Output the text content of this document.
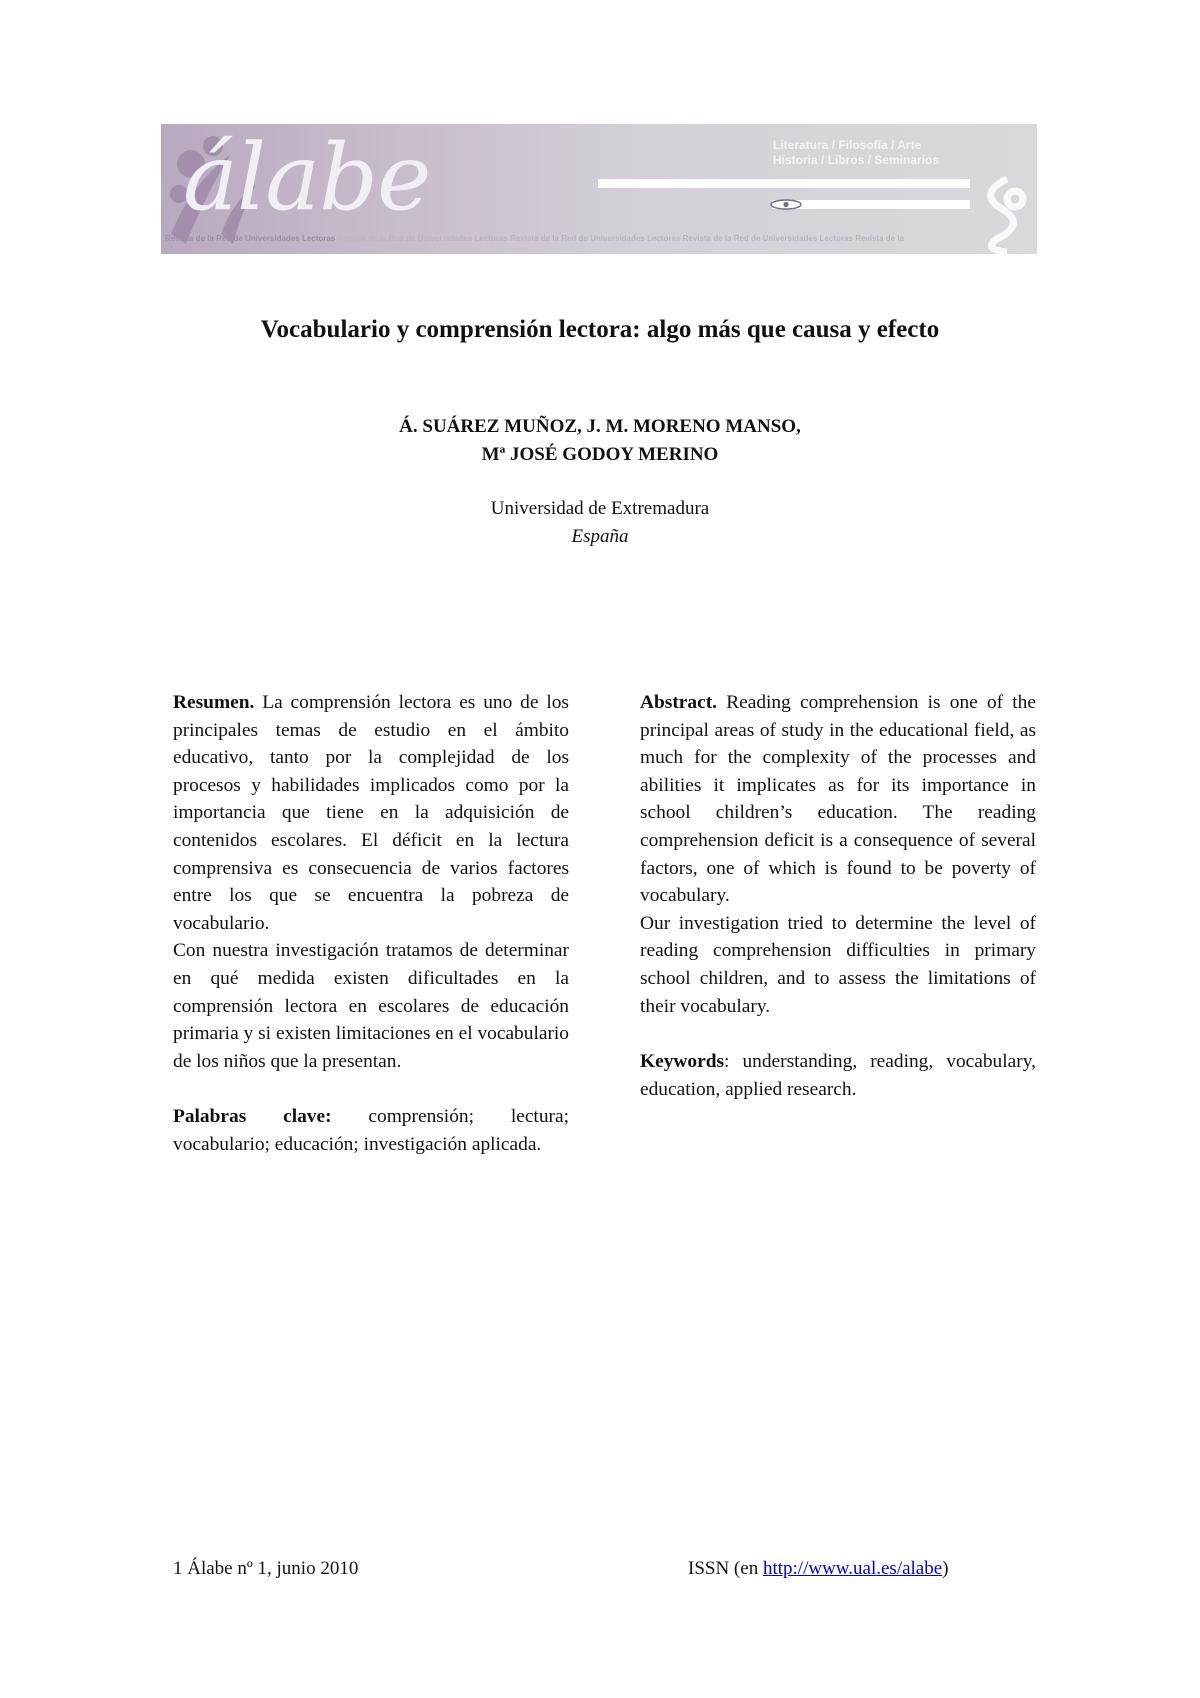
álabe	Literatura / Filosofía / Arte
Historia / Libros / Seminarios
Revista de la Red de Universidades Lectoras Revista de la Red de Universidades Lectoras Revista de la Red de Universidades Lectoras Revista de la Red de Universidades Lectoras Revista de la
Vocabulario y comprensión lectora: algo más que causa y efecto
Á. SUÁREZ MUÑOZ, J. M. MORENO MANSO,
Mª JOSÉ GODOY MERINO
Universidad de Extremadura
España

Resumen. La comprensión lectora es uno de los principales temas de estudio en el ámbito educativo, tanto por la complejidad de los procesos y habilidades implicados como por la importancia que tiene en la adquisición de contenidos escolares. El déficit en la lectura comprensiva es consecuencia de varios factores entre los que se encuentra la pobreza de vocabulario.

Con nuestra investigación tratamos de determinar en qué medida existen dificultades en la comprensión lectora en escolares de educación primaria y si existen limitaciones en el vocabulario de los niños que la presentan.

Palabras clave: comprensión; lectura; vocabulario; educación; investigación aplicada.

Abstract. Reading comprehension is one of the principal areas of study in the educational field, as much for the complexity of the processes and abilities it implicates as for its importance in school children’s education. The reading comprehension deficit is a consequence of several factors, one of which is found to be poverty of vocabulary.

Our investigation tried to determine the level of reading comprehension difficulties in primary school children, and to assess the limitations of their vocabulary.

Keywords: understanding, reading, vocabulary, education, applied research.

1 Álabe nº 1, junio 2010	ISSN (en http://www.ual.es/alabe)
